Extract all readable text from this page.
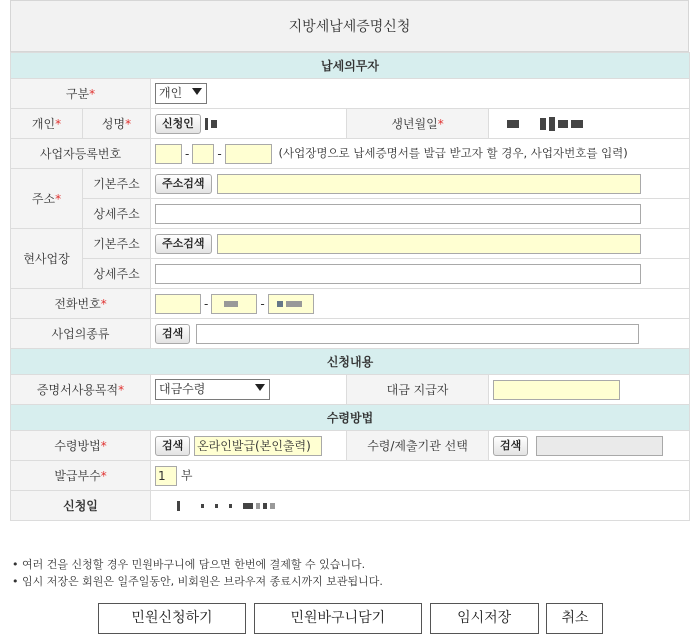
지방세납세증명신청
납세의무자				
구분*		개인		

개인*	성명*	신청인	생년월일*	
사업자등록번호		- - (사업장명으로 납세증명서를 발급 받고자 할 경우, 사업자번호를 입력)		
주소*	기본주소	주소검색		
	상세주소			
현사업장	기본주소	주소검색		
	상세주소			
전화번호*		- -		
사업의종류		검색		
신청내용				
증명서사용목적*		대금수령	대금 지급자	
수령방법				
수령방법*		검색 온라인발급(본인출력)	수령/제출기관 선택	검색
발급부수*		1 부		
신청일				
• 여러 건을 신청할 경우 민원바구니에 담으면 한번에 결제할 수 있습니다.
• 임시 저장은 회원은 일주일동안, 비회원은 브라우져 종료시까지 보관됩니다.
민원신청하기	민원바구니담기	임시저장	취소
